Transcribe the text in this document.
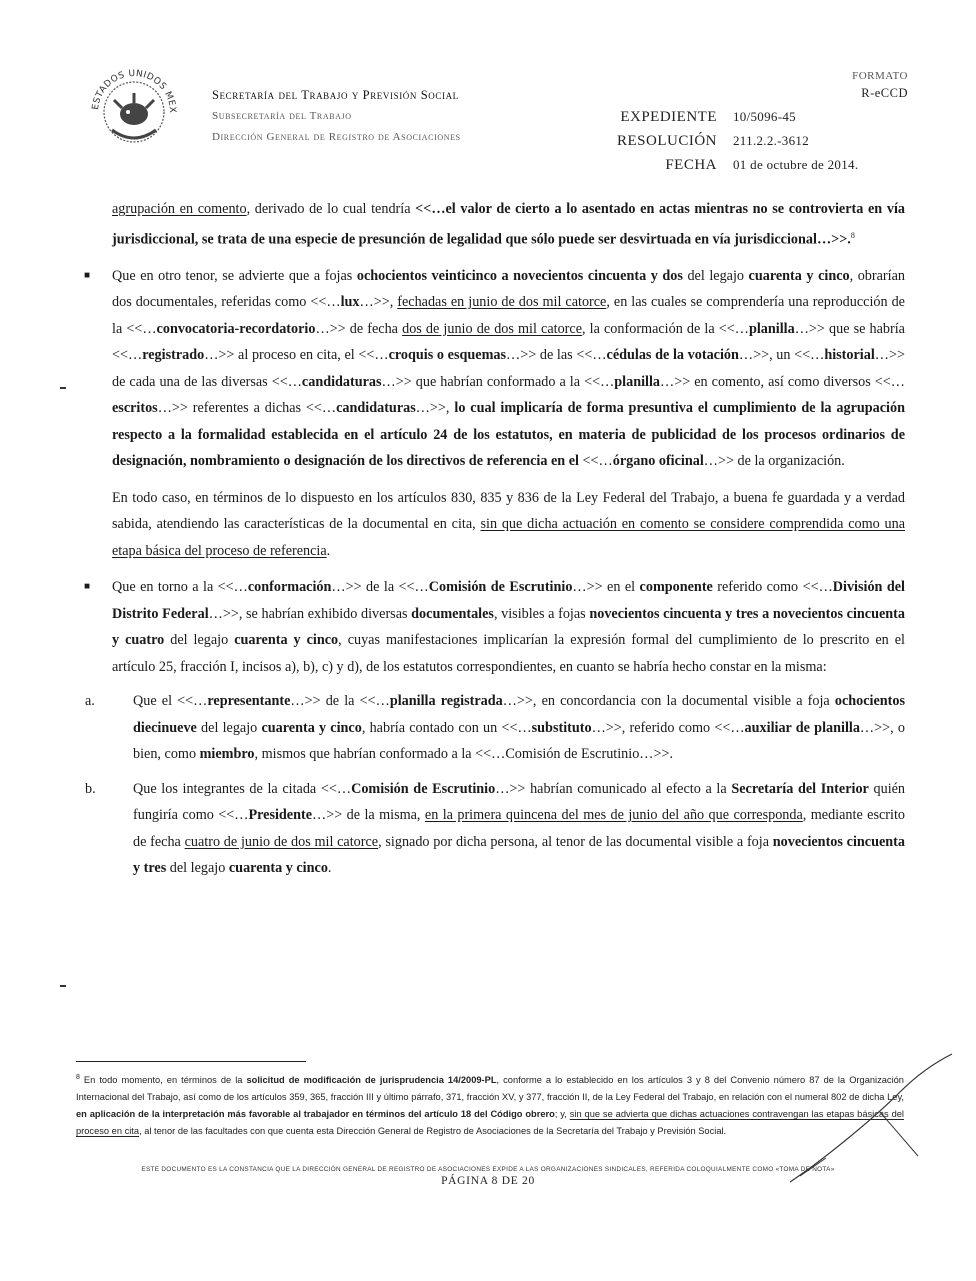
ESTADOS UNIDOS MEX
Secretaría del Trabajo y Previsión Social
Subsecretaría del Trabajo
Dirección General de Registro de Asociaciones
FORMATO
R-eCCD
EXPEDIENTE 10/5096-45
RESOLUCIÓN 211.2.2.-3612
FECHA 01 de octubre de 2014.

agrupación en comento, derivado de lo cual tendría <<…el valor de cierto a lo asentado en actas mientras no se controvierta en vía jurisdiccional, se trata de una especie de presunción de legalidad que sólo puede ser desvirtuada en vía jurisdiccional…>>.$^8$

■ Que en otro tenor, se advierte que a fojas ochocientos veinticinco a novecientos cincuenta y dos del legajo cuarenta y cinco, obrarían dos documentales, referidas como <<…lux…>>, fechadas en junio de dos mil catorce, en las cuales se comprendería una reproducción de la <<…convocatoria-recordatorio…>> de fecha dos de junio de dos mil catorce, la conformación de la <<…planilla…>> que se habría <<…registrado…>> al proceso en cita, el <<…croquis o esquemas…>> de las <<…cédulas de la votación…>>, un <<…historial…>> de cada una de las diversas <<…candidaturas…>> que habrían conformado a la <<…planilla…>> en comento, así como diversos <<…escritos…>> referentes a dichas <<…candidaturas…>>, lo cual implicaría de forma presuntiva el cumplimiento de la agrupación respecto a la formalidad establecida en el artículo 24 de los estatutos, en materia de publicidad de los procesos ordinarios de designación, nombramiento o designación de los directivos de referencia en el <<…órgano oficinal…>> de la organización.

En todo caso, en términos de lo dispuesto en los artículos 830, 835 y 836 de la Ley Federal del Trabajo, a buena fe guardada y a verdad sabida, atendiendo las características de la documental en cita, sin que dicha actuación en comento se considere comprendida como una etapa básica del proceso de referencia.

■ Que en torno a la <<…conformación…>> de la <<…Comisión de Escrutinio…>> en el componente referido como <<…División del Distrito Federal…>>, se habrían exhibido diversas documentales, visibles a fojas novecientos cincuenta y tres a novecientos cincuenta y cuatro del legajo cuarenta y cinco, cuyas manifestaciones implicarían la expresión formal del cumplimiento de lo prescrito en el artículo 25, fracción I, incisos a), b), c) y d), de los estatutos correspondientes, en cuanto se habría hecho constar en la misma:

a.	Que el <<…representante…>> de la <<…planilla registrada…>>, en concordancia con la documental visible a foja ochocientos diecinueve del legajo cuarenta y cinco, habría contado con un <<…substituto…>>, referido como <<…auxiliar de planilla…>>, o bien, como miembro, mismos que habrían conformado a la <<…Comisión de Escrutinio…>>.

b.	Que los integrantes de la citada <<…Comisión de Escrutinio…>> habrían comunicado al efecto a la Secretaría del Interior quién fungiría como <<…Presidente…>> de la misma, en la primera quincena del mes de junio del año que corresponda, mediante escrito de fecha cuatro de junio de dos mil catorce, signado por dicha persona, al tenor de las documental visible a foja novecientos cincuenta y tres del legajo cuarenta y cinco.

$^8$ En todo momento, en términos de la solicitud de modificación de jurisprudencia 14/2009-PL, conforme a lo establecido en los artículos 3 y 8 del Convenio número 87 de la Organización Internacional del Trabajo, así como de los artículos 359, 365, fracción III y último párrafo, 371, fracción XV, y 377, fracción II, de la Ley Federal del Trabajo, en relación con el numeral 802 de dicha Ley, en aplicación de la interpretación más favorable al trabajador en términos del artículo 18 del Código obrero; y, sin que se advierta que dichas actuaciones contravengan las etapas básicas del proceso en cita, al tenor de las facultades con que cuenta esta Dirección General de Registro de Asociaciones de la Secretaría del Trabajo y Previsión Social.
ESTE DOCUMENTO ES LA CONSTANCIA QUE LA DIRECCIÓN GENERAL DE REGISTRO DE ASOCIACIONES EXPIDE A LAS ORGANIZACIONES SINDICALES, REFERIDA COLOQUIALMENTE COMO «TOMA DE NOTA»
PÁGINA 8 DE 20
